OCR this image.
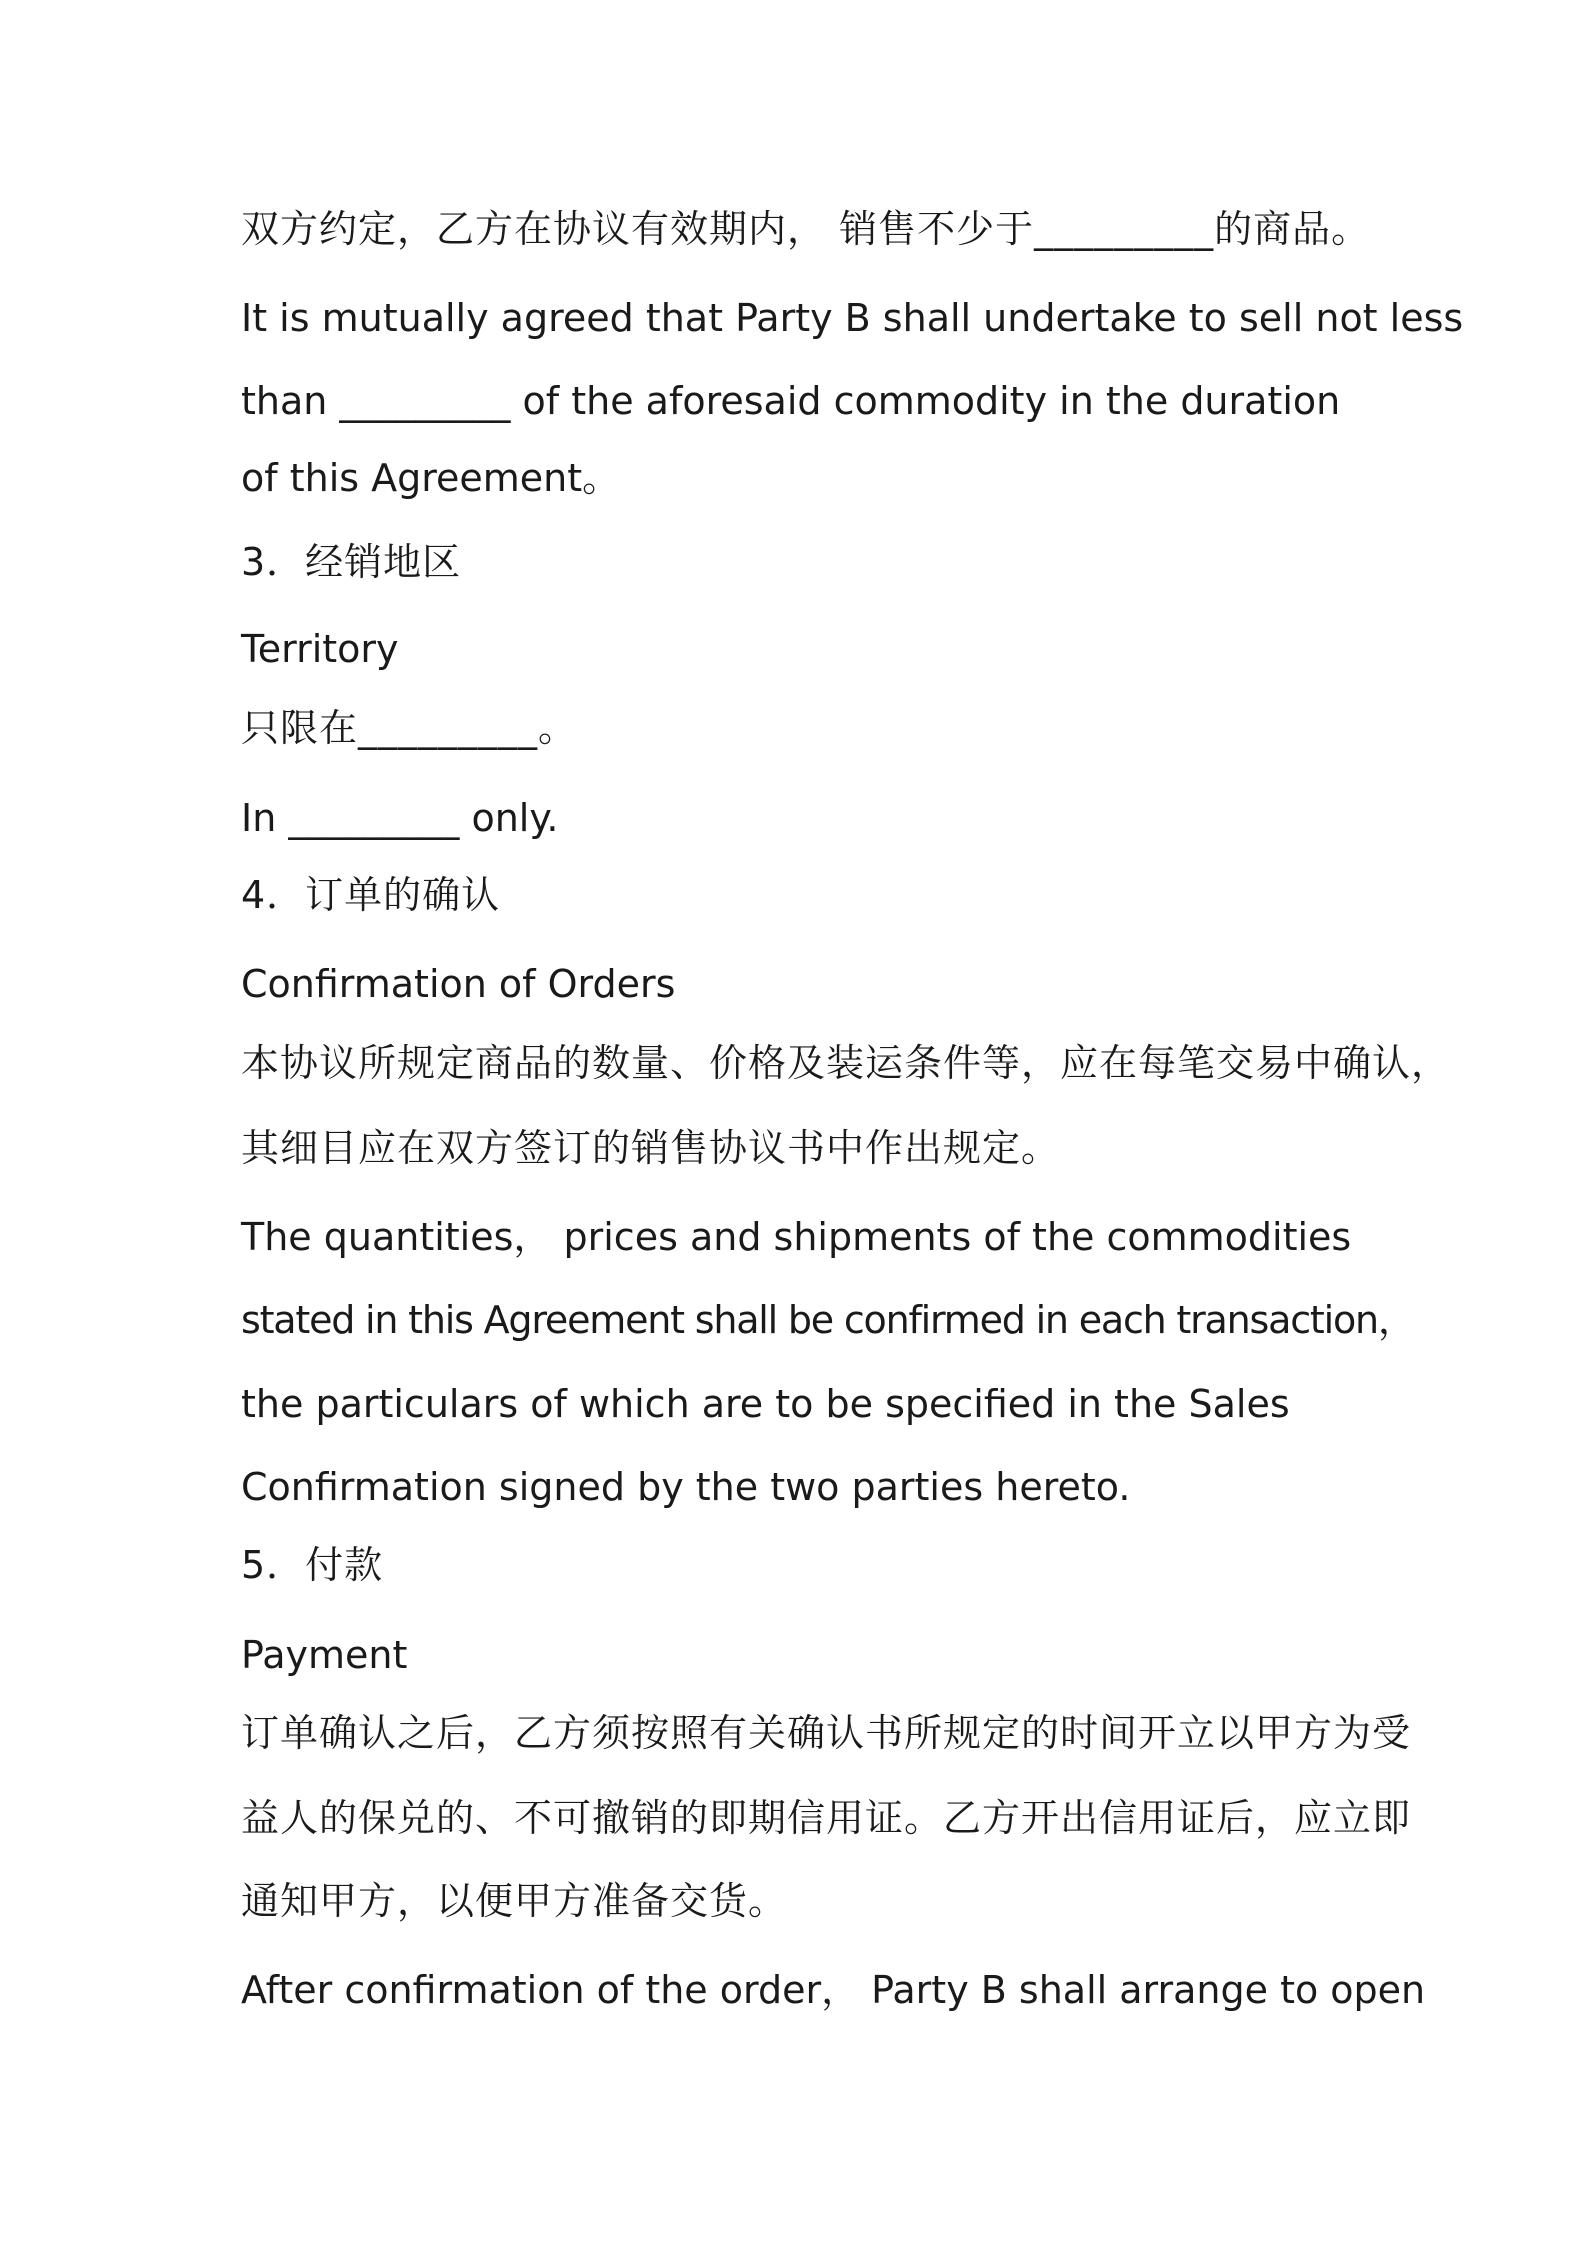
双方约定，乙方在协议有效期内， 销售不少于_________的商品。
It is mutually agreed that Party B shall undertake to sell not less
than _________ of the aforesaid commodity in the duration
of this Agreement。
3．经销地区
Territory
只限在_________。
In _________ only.
4．订单的确认
Confirmation of Orders
本协议所规定商品的数量、价格及装运条件等，应在每笔交易中确认，
其细目应在双方签订的销售协议书中作出规定。
The quantities， prices and shipments of the commodities
stated in this Agreement shall be confirmed in each transaction，
the particulars of which are to be specified in the Sales
Confirmation signed by the two parties hereto.
5．付款
Payment
订单确认之后，乙方须按照有关确认书所规定的时间开立以甲方为受
益人的保兑的、不可撤销的即期信用证。乙方开出信用证后，应立即
通知甲方，以便甲方准备交货。
After confirmation of the order， Party B shall arrange to open
